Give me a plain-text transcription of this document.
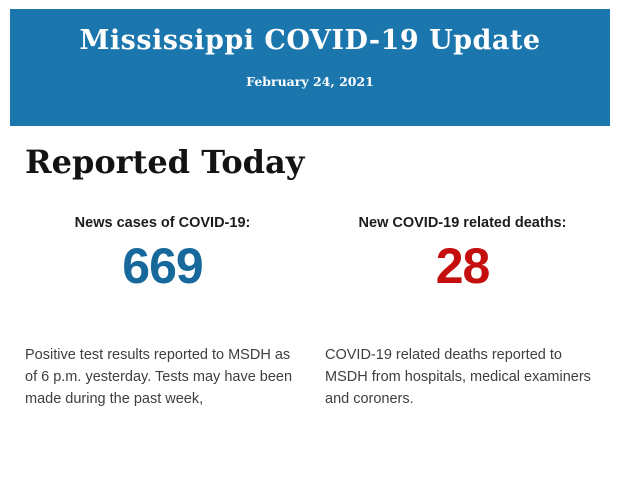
Mississippi COVID-19 Update
February 24, 2021
Reported Today
News cases of COVID-19:
669
Positive test results reported to MSDH as of 6 p.m. yesterday. Tests may have been made during the past week,
New COVID-19 related deaths:
28
COVID-19 related deaths reported to MSDH from hospitals, medical examiners and coroners.
